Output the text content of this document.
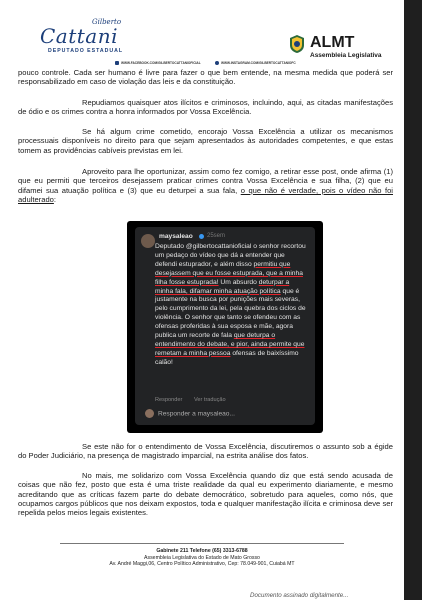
Gilberto
Cattani
DEPUTADO ESTADUAL
WWW.FACEBOOK.COM/GILBERTOCATTANIOFICIAL	WWW.INSTAGRAM.COM/GILBERTOCATTANIOFC
ALMT
Assembleia Legislativa
pouco controle. Cada ser humano é livre para fazer o que bem entende, na mesma medida que poderá ser responsabilizado em caso de violação das leis e da constituição.
Repudiamos quaisquer atos ilícitos e criminosos, incluindo, aqui, as citadas manifestações de ódio e os crimes contra a honra informados por Vossa Excelência.
Se há algum crime cometido, encorajo Vossa Excelência a utilizar os mecanismos processuais disponíveis no direito para que sejam apresentados às autoridades competentes, e que estas tomem as providências cabíveis previstas em lei.
Aproveito para lhe oportunizar, assim como fez comigo, a retirar esse post, onde afirma (1) que eu permiti que terceiros desejassem praticar crimes contra Vossa Excelência e sua filha, (2) que eu difamei sua atuação política e (3) que eu deturpei a sua fala, o que não é verdade, pois o vídeo não foi adulterado:
maysaleao 25sem
Deputado @gilbertocattanioficial o senhor recortou um pedaço do vídeo que dá a entender que defendi estuprador, e além disso permitiu que desejassem que eu fosse estuprada, que a minha filha fosse estuprada! Um absurdo deturpar a minha fala, difamar minha atuação política que é justamente na busca por punições mais severas, pelo cumprimento da lei, pela quebra dos ciclos de violência. O senhor que tanto se ofendeu com as ofensas proferidas à sua esposa e mãe, agora publica um recorte de fala que deturpa o entendimento do debate, e pior, ainda permite que remetam a minha pessoa ofensas de baixíssimo calão!
Responder Ver tradução
Responder a maysaleao...
Se este não for o entendimento de Vossa Excelência, discutiremos o assunto sob a égide do Poder Judiciário, na presença de magistrado imparcial, na estrita análise dos fatos.
No mais, me solidarizo com Vossa Excelência quando diz que está sendo acusada de coisas que não fez, posto que esta é uma triste realidade da qual eu experimento diariamente, e mesmo acreditando que as críticas fazem parte do debate democrático, sobretudo para aqueles, como nós, que ocupamos cargos públicos que nos deixam expostos, toda e qualquer manifestação ilícita e criminosa deve ser repelida pelos meios legais existentes.
Gabinete 211 Telefone (65) 3313-6788
Assembleia Legislativa do Estado de Mato Grosso
Av. André Maggi,06, Centro Político Administrativo, Cep: 78.049-901, Cuiabá MT
Documento assinado digitalmente...
